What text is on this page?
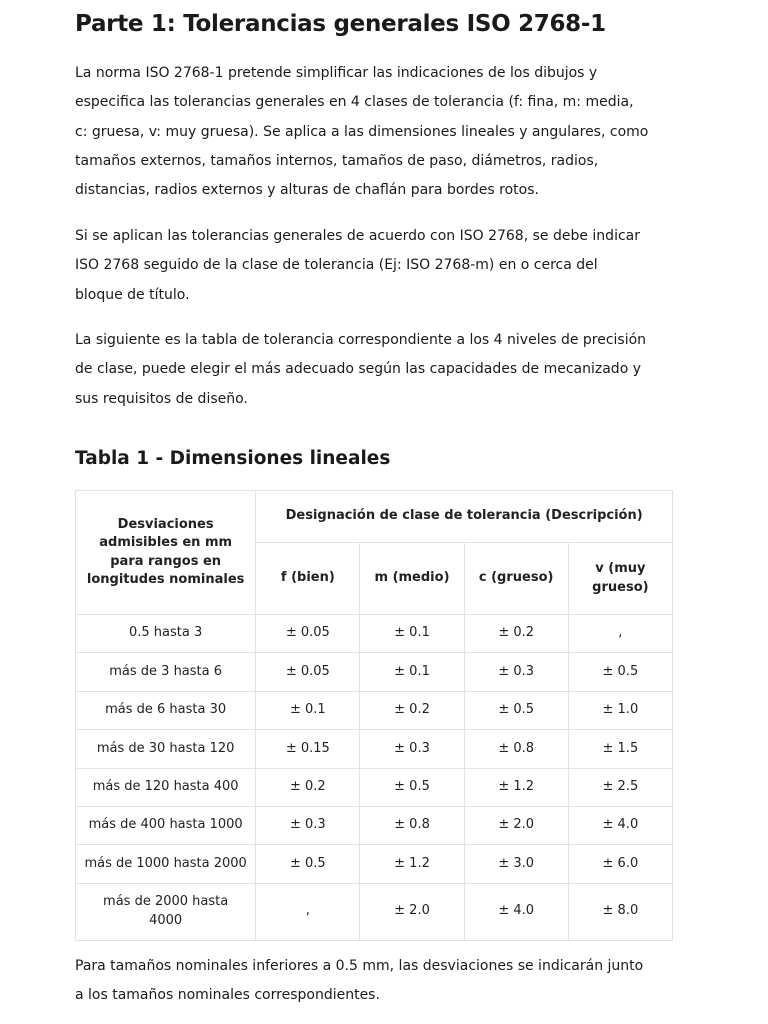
Parte 1: Tolerancias generales ISO 2768-1

La norma ISO 2768-1 pretende simplificar las indicaciones de los dibujos y
especifica las tolerancias generales en 4 clases de tolerancia (f: fina, m: media,
c: gruesa, v: muy gruesa). Se aplica a las dimensiones lineales y angulares, como
tamaños externos, tamaños internos, tamaños de paso, diámetros, radios,
distancias, radios externos y alturas de chaflán para bordes rotos.

Si se aplican las tolerancias generales de acuerdo con ISO 2768, se debe indicar
ISO 2768 seguido de la clase de tolerancia (Ej: ISO 2768-m) en o cerca del
bloque de título.

La siguiente es la tabla de tolerancia correspondiente a los 4 niveles de precisión
de clase, puede elegir el más adecuado según las capacidades de mecanizado y
sus requisitos de diseño.

Tabla 1 - Dimensiones lineales
Desviaciones
admisibles en mm
para rangos en
longitudes nominales	Designación de clase de tolerancia (Descripción)			
	f (bien)	m (medio)	c (grueso)	v (muy
grueso)

0.5 hasta 3	± 0.05	± 0.1	± 0.2	,
más de 3 hasta 6	± 0.05	± 0.1	± 0.3	± 0.5
más de 6 hasta 30	± 0.1	± 0.2	± 0.5	± 1.0
más de 30 hasta 120	± 0.15	± 0.3	± 0.8	± 1.5
más de 120 hasta 400	± 0.2	± 0.5	± 1.2	± 2.5
más de 400 hasta 1000	± 0.3	± 0.8	± 2.0	± 4.0
más de 1000 hasta 2000	± 0.5	± 1.2	± 3.0	± 6.0

más de 2000 hasta
4000	,	± 2.0	± 4.0	± 8.0

Para tamaños nominales inferiores a 0.5 mm, las desviaciones se indicarán junto
a los tamaños nominales correspondientes.
